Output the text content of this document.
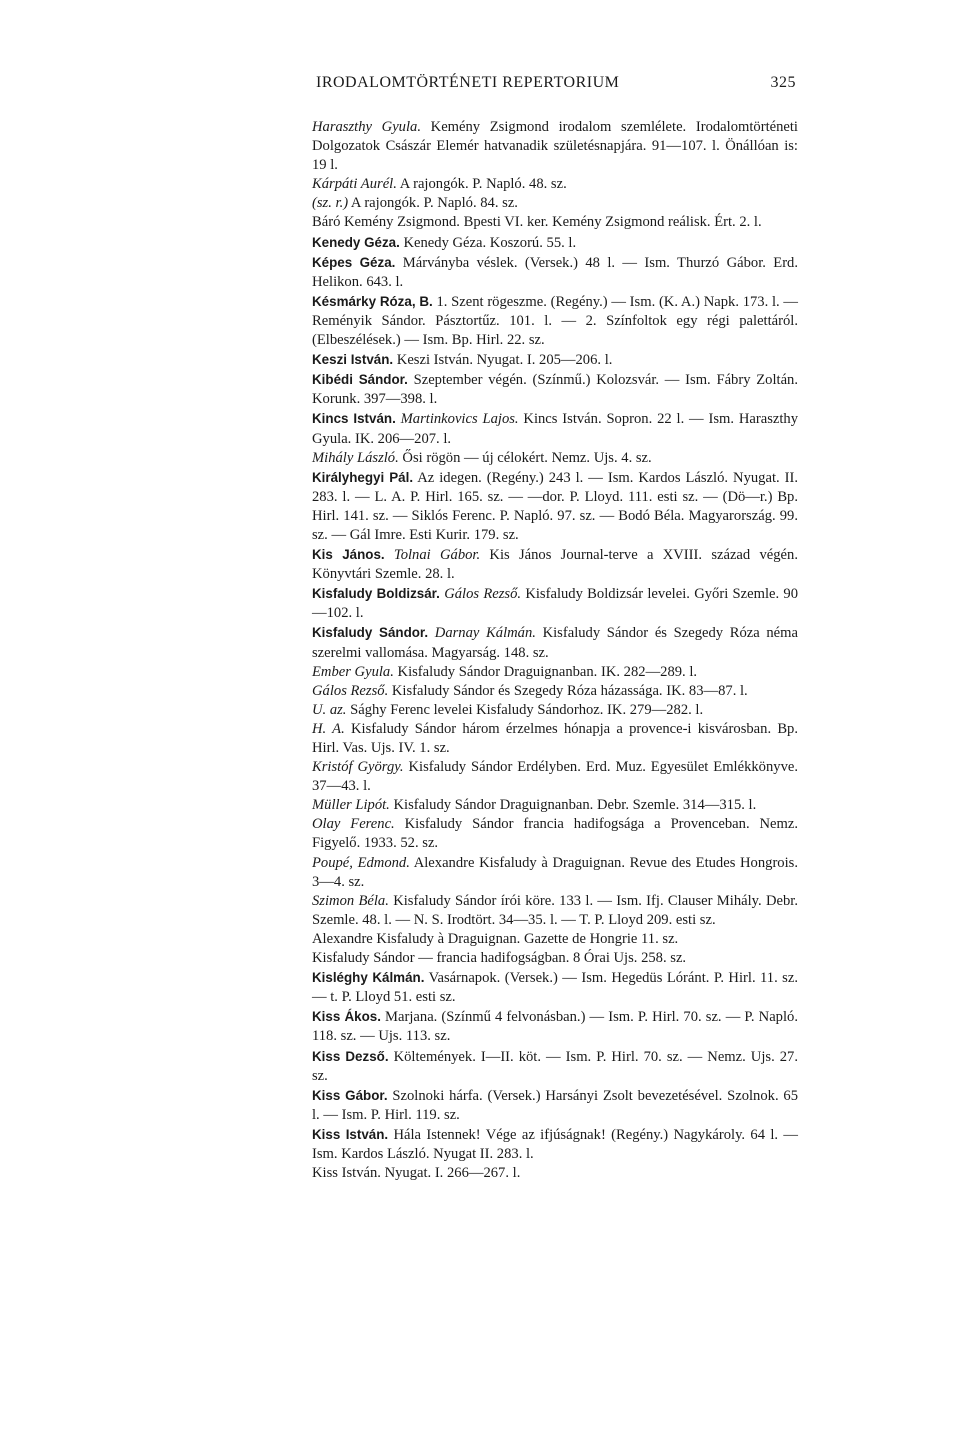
IRODALOMTÖRTÉNETI REPERTORIUM	325

Haraszthy Gyula. Kemény Zsigmond irodalom szemlélete. Irodalomtörténeti Dolgozatok Császár Elemér hatvanadik születésnapjára. 91—107. l. Önállóan is: 19 l.

Kárpáti Aurél. A rajongók. P. Napló. 48. sz.

(sz. r.) A rajongók. P. Napló. 84. sz.

Báró Kemény Zsigmond. Bpesti VI. ker. Kemény Zsigmond reálisk. Ért. 2. l.

Kenedy Géza. Kenedy Géza. Koszorú. 55. l.

Képes Géza. Márványba véslek. (Versek.) 48 l. — Ism. Thurzó Gábor. Erd. Helikon. 643. l.

Késmárky Róza, B. 1. Szent rögeszme. (Regény.) — Ism. (K. A.) Napk. 173. l. — Reményik Sándor. Pásztortűz. 101. l. — 2. Színfoltok egy régi palettáról. (Elbeszélések.) — Ism. Bp. Hirl. 22. sz.

Keszi István. Keszi István. Nyugat. I. 205—206. l.

Kibédi Sándor. Szeptember végén. (Színmű.) Kolozsvár. — Ism. Fábry Zoltán. Korunk. 397—398. l.

Kincs István. Martinkovics Lajos. Kincs István. Sopron. 22 l. — Ism. Haraszthy Gyula. IK. 206—207. l.

Mihály László. Ősi rögön — új célokért. Nemz. Ujs. 4. sz.

Királyhegyi Pál. Az idegen. (Regény.) 243 l. — Ism. Kardos László. Nyugat. II. 283. l. — L. A. P. Hirl. 165. sz. — —dor. P. Lloyd. 111. esti sz. — (Dö—r.) Bp. Hirl. 141. sz. — Siklós Ferenc. P. Napló. 97. sz. — Bodó Béla. Magyarország. 99. sz. — Gál Imre. Esti Kurir. 179. sz.

Kis János. Tolnai Gábor. Kis János Journal-terve a XVIII. század végén. Könyvtári Szemle. 28. l.

Kisfaludy Boldizsár. Gálos Rezső. Kisfaludy Boldizsár levelei. Győri Szemle. 90—102. l.

Kisfaludy Sándor. Darnay Kálmán. Kisfaludy Sándor és Szegedy Róza néma szerelmi vallomása. Magyarság. 148. sz.

Ember Gyula. Kisfaludy Sándor Draguignanban. IK. 282—289. l.

Gálos Rezső. Kisfaludy Sándor és Szegedy Róza házassága. IK. 83—87. l.

U. az. Sághy Ferenc levelei Kisfaludy Sándorhoz. IK. 279—282. l.

H. A. Kisfaludy Sándor három érzelmes hónapja a provence-i kisvárosban. Bp. Hirl. Vas. Ujs. IV. 1. sz.

Kristóf György. Kisfaludy Sándor Erdélyben. Erd. Muz. Egyesület Emlékkönyve. 37—43. l.

Müller Lipót. Kisfaludy Sándor Draguignanban. Debr. Szemle. 314—315. l.

Olay Ferenc. Kisfaludy Sándor francia hadifogsága a Provenceban. Nemz. Figyelő. 1933. 52. sz.

Poupé, Edmond. Alexandre Kisfaludy à Draguignan. Revue des Etudes Hongrois. 3—4. sz.

Szimon Béla. Kisfaludy Sándor írói köre. 133 l. — Ism. Ifj. Clauser Mihály. Debr. Szemle. 48. l. — N. S. Irodtört. 34—35. l. — T. P. Lloyd 209. esti sz.

Alexandre Kisfaludy à Draguignan. Gazette de Hongrie 11. sz.

Kisfaludy Sándor — francia hadifogságban. 8 Órai Ujs. 258. sz.

Kisléghy Kálmán. Vasárnapok. (Versek.) — Ism. Hegedüs Lóránt. P. Hirl. 11. sz. — t. P. Lloyd 51. esti sz.

Kiss Ákos. Marjana. (Színmű 4 felvonásban.) — Ism. P. Hirl. 70. sz. — P. Napló. 118. sz. — Ujs. 113. sz.

Kiss Dezső. Költemények. I—II. köt. — Ism. P. Hirl. 70. sz. — Nemz. Ujs. 27. sz.

Kiss Gábor. Szolnoki hárfa. (Versek.) Harsányi Zsolt bevezetésével. Szolnok. 65 l. — Ism. P. Hirl. 119. sz.

Kiss István. Hála Istennek! Vége az ifjúságnak! (Regény.) Nagykároly. 64 l. — Ism. Kardos László. Nyugat II. 283. l.

Kiss István. Nyugat. I. 266—267. l.
